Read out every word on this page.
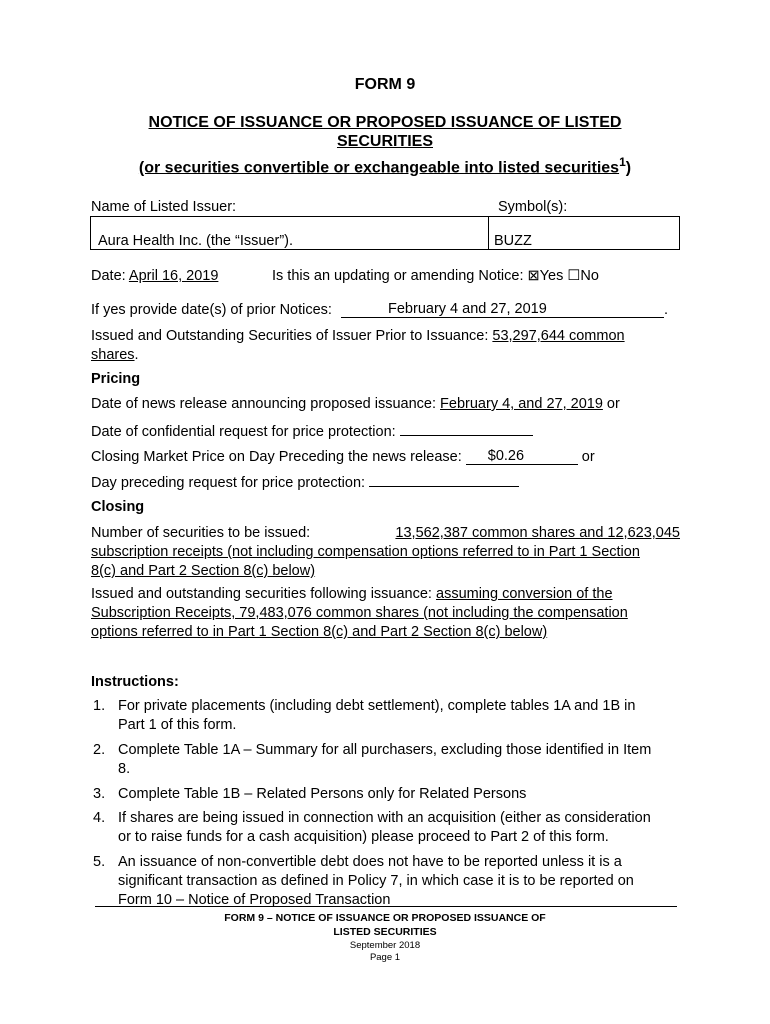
FORM 9
NOTICE OF ISSUANCE OR PROPOSED ISSUANCE OF LISTED
SECURITIES
(or securities convertible or exchangeable into listed securities$^1$)
Name of Listed Issuer:	Symbol(s):
Aura Health Inc. (the “Issuer”).	BUZZ
Date: April 16, 2019	Is this an updating or amending Notice: ⊠Yes ☐No
If yes provide date(s) of prior Notices:	February 4 and 27, 2019	.
Issued and Outstanding Securities of Issuer Prior to Issuance: 53,297,644 common
shares.
Pricing
Date of news release announcing proposed issuance: February 4, and 27, 2019 or
Date of confidential request for price protection:
Closing Market Price on Day Preceding the news release: $0.26	or
Day preceding request for price protection:
Closing
Number of securities to be issued:	13,562,387 common shares and 12,623,045
subscription receipts (not including compensation options referred to in Part 1 Section
8(c) and Part 2 Section 8(c) below)
Issued and outstanding securities following issuance: assuming conversion of the
Subscription Receipts, 79,483,076 common shares (not including the compensation
options referred to in Part 1 Section 8(c) and Part 2 Section 8(c) below)
Instructions:
1. For private placements (including debt settlement), complete tables 1A and 1B in
Part 1 of this form.
2. Complete Table 1A – Summary for all purchasers, excluding those identified in Item
8.
3. Complete Table 1B – Related Persons only for Related Persons
4. If shares are being issued in connection with an acquisition (either as consideration
or to raise funds for a cash acquisition) please proceed to Part 2 of this form.
5. An issuance of non-convertible debt does not have to be reported unless it is a
significant transaction as defined in Policy 7, in which case it is to be reported on
Form 10 – Notice of Proposed Transaction
FORM 9 – NOTICE OF ISSUANCE OR PROPOSED ISSUANCE OF
LISTED SECURITIES
September 2018
Page 1
